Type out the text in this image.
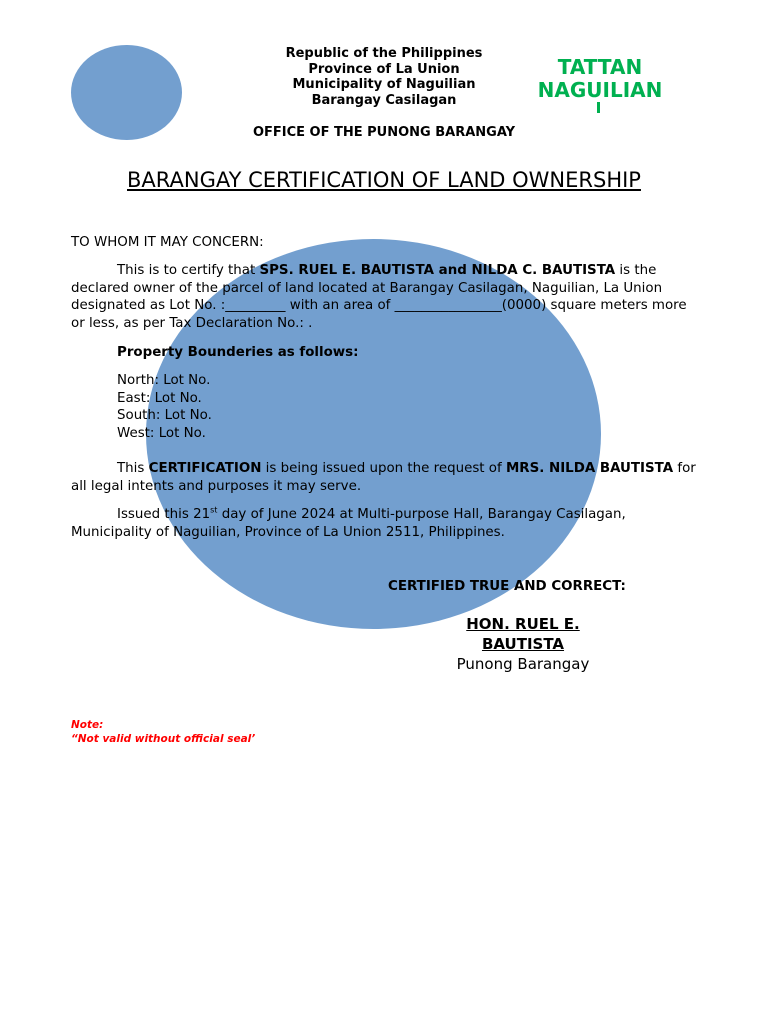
Republic of the Philippines
Province of La Union
Municipality of Naguilian
Barangay Casilagan
OFFICE OF THE PUNONG BARANGAY
TATTAN
NAGUILIAN
BARANGAY CERTIFICATION OF LAND OWNERSHIP
TO WHOM IT MAY CONCERN:
This is to certify that SPS. RUEL E. BAUTISTA and NILDA C. BAUTISTA is the declared owner of the parcel of land located at Barangay Casilagan, Naguilian, La Union designated as Lot No. :_________ with an area of ________________(0000) square meters more or less, as per Tax Declaration No.: .
Property Bounderies as follows:
North: Lot No.
East: Lot No.
South: Lot No.
West: Lot No.
This CERTIFICATION is being issued upon the request of MRS. NILDA BAUTISTA for all legal intents and purposes it may serve.
Issued this 21st day of June 2024 at Multi-purpose Hall, Barangay Casilagan, Municipality of Naguilian, Province of La Union 2511, Philippines.
CERTIFIED TRUE AND CORRECT:
HON. RUEL E.
BAUTISTA
Punong Barangay
Note:
“Not valid without official seal’
